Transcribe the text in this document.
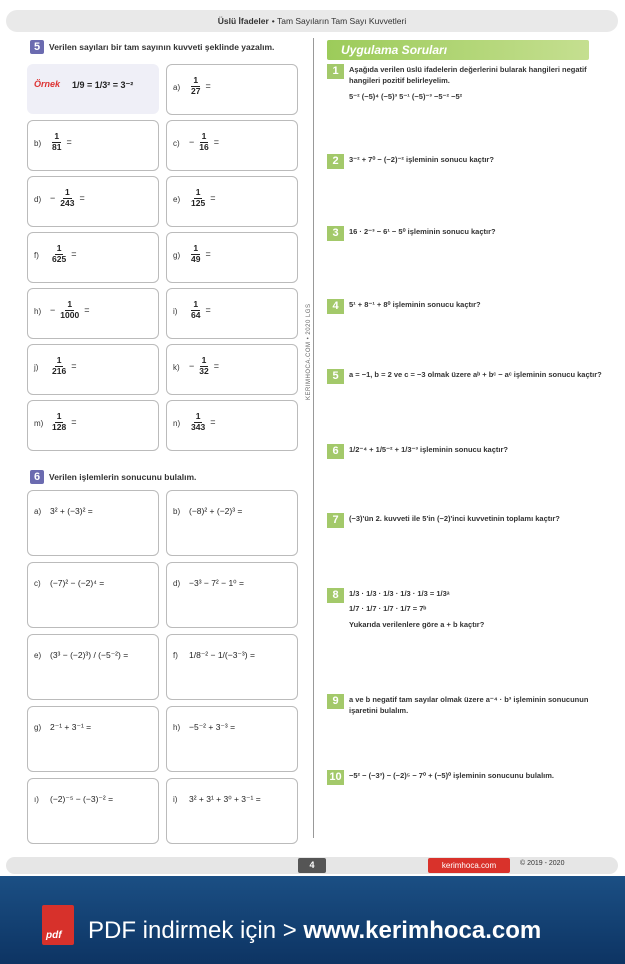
Üslü İfadeler • Tam Sayıların Tam Sayı Kuvvetleri
5	Verilen sayıları bir tam sayının kuvveti şeklinde yazalım.
Örnek 1/9 = 1/3² = 3⁻²	$a) \frac{1}{27}$ =
$b) \frac{1}{81}$ =	$c) - \frac{1}{16}$ =
$d) - \frac{1}{243}$ =	$e) \frac{1}{125}$ =
$f) \frac{1}{625}$ =	$g) \frac{1}{49}$ =
$h) - \frac{1}{1000}$ =	$i) \frac{1}{64}$ =
$j) \frac{1}{216}$ =	$k) - \frac{1}{32}$ =
$m) \frac{1}{128}$ =	$n) \frac{1}{343}$ =
6	Verilen işlemlerin sonucunu bulalım.
a) 3² + (−3)² =	b) (−8)² + (−2)³ =
c) (−7)² − (−2)⁴ =	d) −3³ − 7² − 1⁰ =
e) (3³ − (−2)³) / (−5⁻²) =	f) 1/8⁻² − 1/(−3⁻³) =
g) 2⁻¹ + 3⁻¹ =	h) −5⁻² + 3⁻³ =
ı) (−2)⁻⁵ − (−3)⁻² =	i) 3² + 3¹ + 3⁰ + 3⁻¹ =
KERIMHOCA.COM • 2020 LGS
Uygulama Soruları
1	Aşağıda verilen üslü ifadelerin değerlerini bularak hangileri negatif hangileri pozitif belirleyelim.
5⁻² (−5)⁴ (−5)³ 5⁻¹ (−5)⁻³ −5⁻² −5²
2	3⁻² + 7⁰ − (−2)⁻² işleminin sonucu kaçtır?
3	16 · 2⁻³ − 6¹ − 5⁰ işleminin sonucu kaçtır?
4	5¹ + 8⁻¹ + 8⁰ işleminin sonucu kaçtır?
5	a = −1, b = 2 ve c = −3 olmak üzere aᵇ + bᶜ − aᶜ işleminin sonucu kaçtır?
6	1/2⁻⁴ + 1/5⁻² + 1/3⁻³ işleminin sonucu kaçtır?
7	(−3)'ün 2. kuvveti ile 5'in (−2)'inci kuvvetinin toplamı kaçtır?
8	1/3 · 1/3 · 1/3 · 1/3 · 1/3 = 1/3ᵃ
1/7 · 1/7 · 1/7 · 1/7 = 7ᵇ
Yukarıda verilenlere göre a + b kaçtır?
9	a ve b negatif tam sayılar olmak üzere a⁻⁴ · b³ işleminin sonucunun işaretini bulalım.
10 −5² − (−3³) − (−2)⁵ − 7⁰ + (−5)⁰ işleminin sonucunu bulalım.
4	kerimhoca.com	© 2019 - 2020
pdf PDF indirmek için > www.kerimhoca.com
